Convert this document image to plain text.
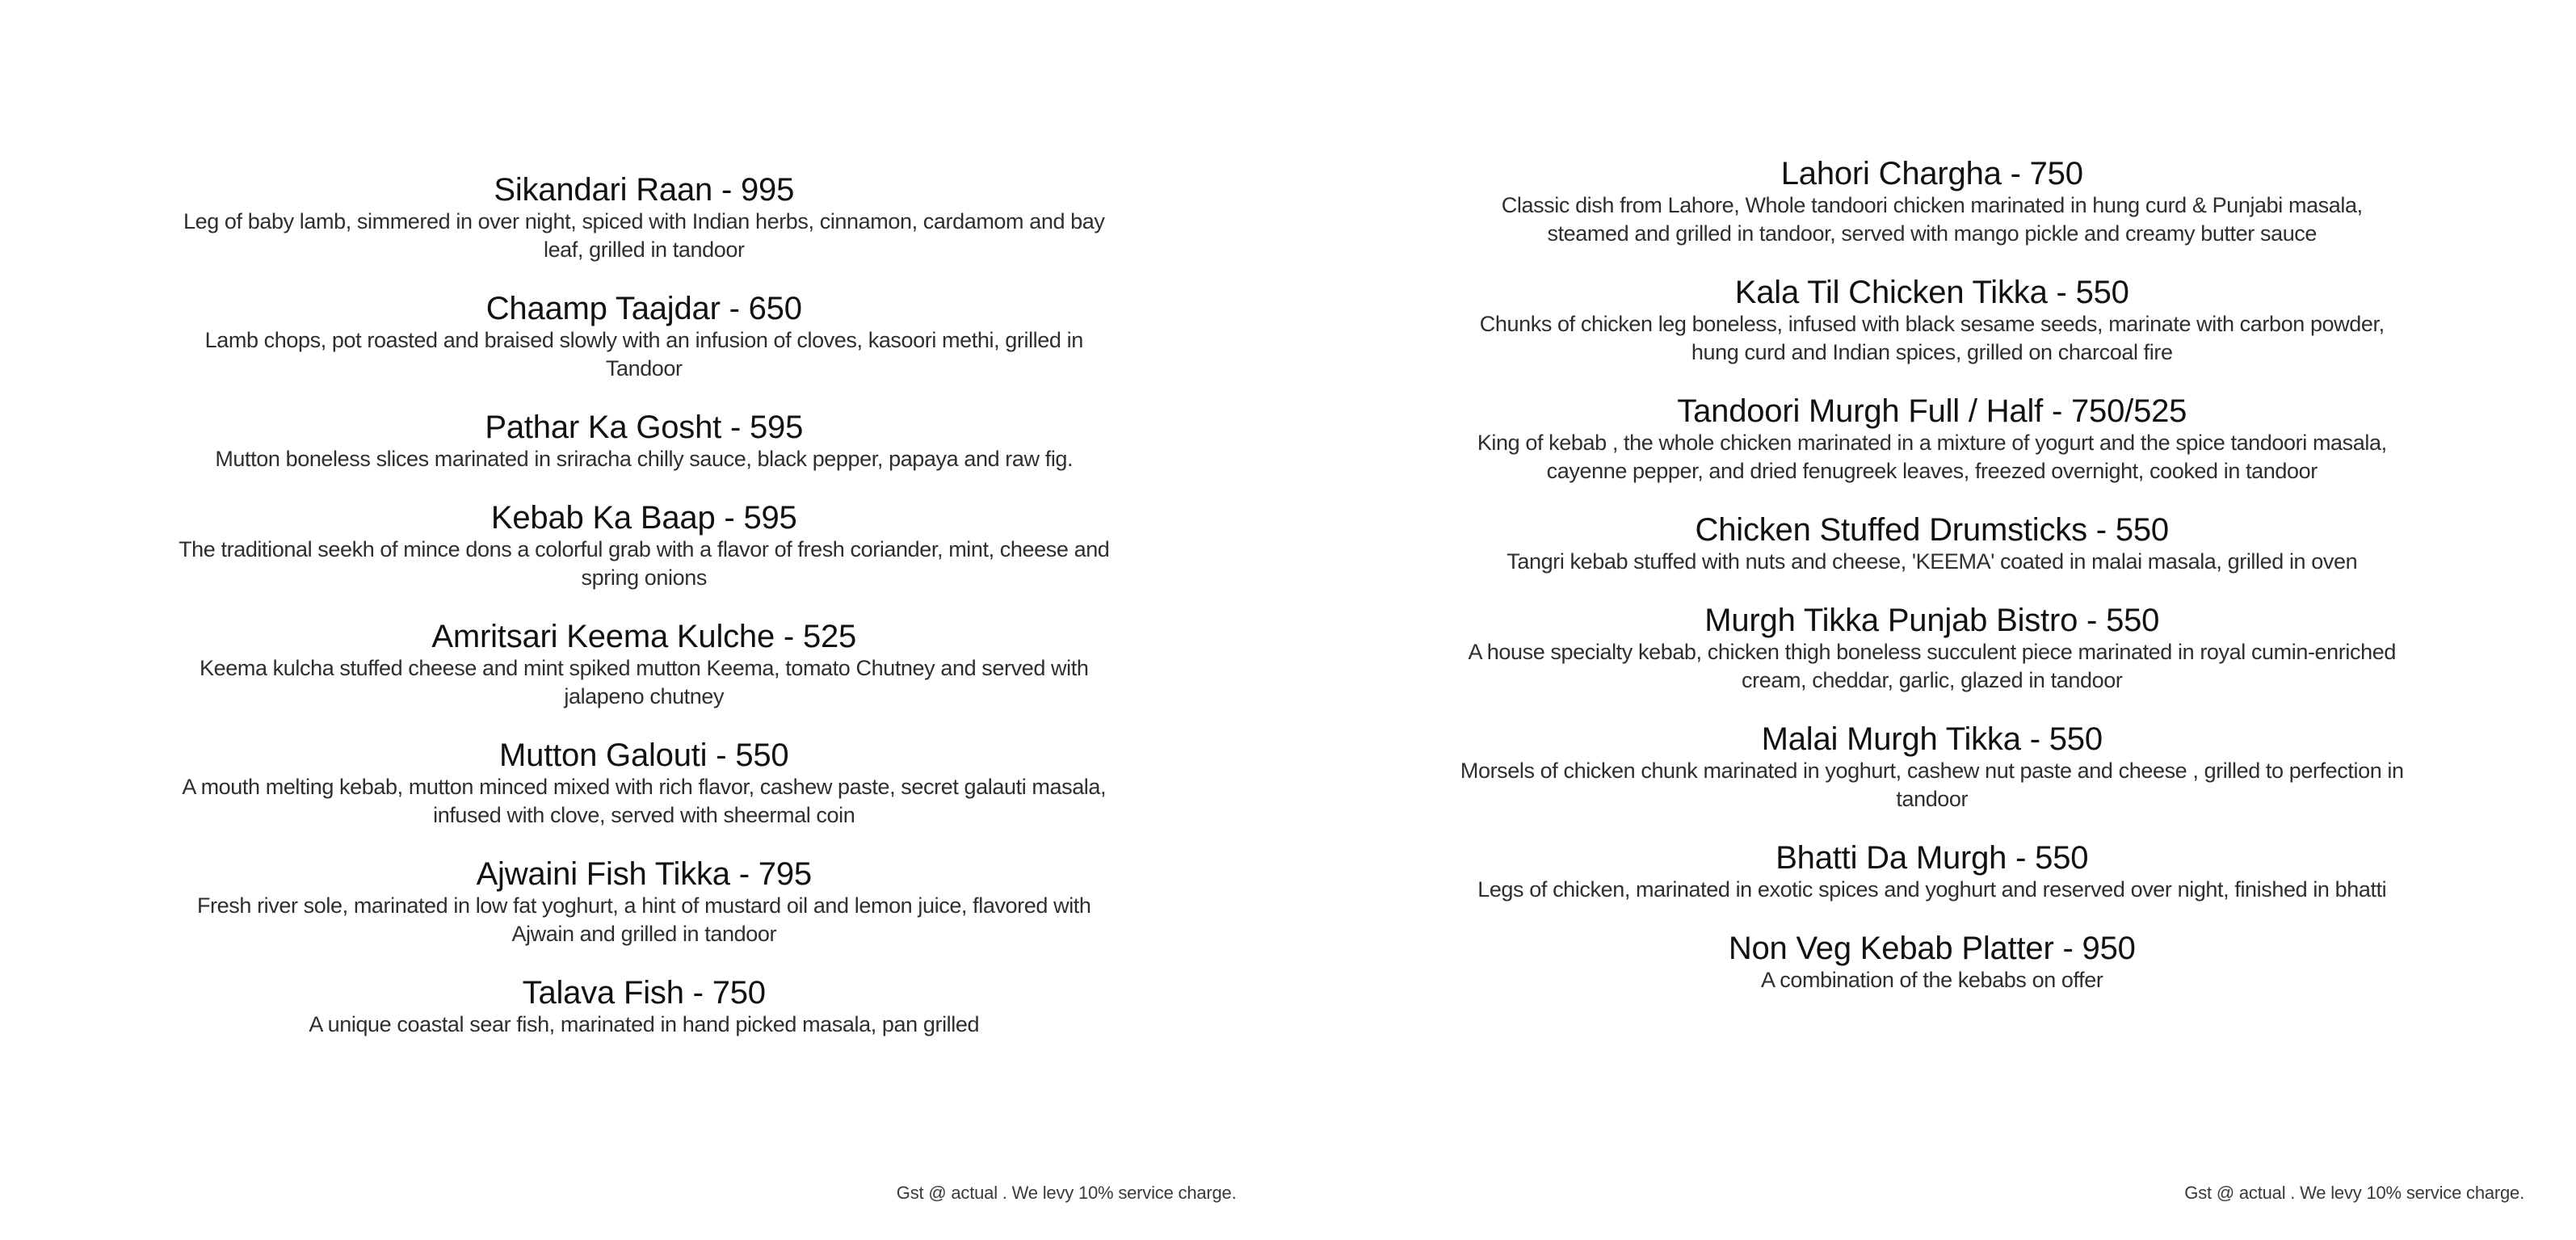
Sikandari Raan - 995

Leg of baby lamb, simmered in over night, spiced with Indian herbs, cinnamon, cardamom and bay leaf, grilled in tandoor

Chaamp Taajdar - 650

Lamb chops, pot roasted and braised slowly with an infusion of cloves, kasoori methi, grilled in Tandoor

Pathar Ka Gosht - 595

Mutton boneless slices marinated in sriracha chilly sauce, black pepper, papaya and raw fig.

Kebab Ka Baap - 595

The traditional seekh of mince dons a colorful grab with a flavor of fresh coriander, mint, cheese and spring onions

Amritsari Keema Kulche - 525

Keema kulcha stuffed cheese and mint spiked mutton Keema, tomato Chutney and served with jalapeno chutney

Mutton Galouti - 550

A mouth melting kebab, mutton minced mixed with rich flavor, cashew paste, secret galauti masala, infused with clove, served with sheermal coin

Ajwaini Fish Tikka - 795

Fresh river sole, marinated in low fat yoghurt, a hint of mustard oil and lemon juice, flavored with Ajwain and grilled in tandoor

Talava Fish - 750

A unique coastal sear fish, marinated in hand picked masala, pan grilled

Gst @ actual . We levy 10% service charge.
Lahori Chargha - 750

Classic dish from Lahore, Whole tandoori chicken marinated in hung curd & Punjabi masala, steamed and grilled in tandoor, served with mango pickle and creamy butter sauce

Kala Til Chicken Tikka - 550

Chunks of chicken leg boneless, infused with black sesame seeds, marinate with carbon powder, hung curd and Indian spices, grilled on charcoal fire

Tandoori Murgh Full / Half - 750/525

King of kebab , the whole chicken marinated in a mixture of yogurt and the spice tandoori masala, cayenne pepper, and dried fenugreek leaves, freezed overnight, cooked in tandoor

Chicken Stuffed Drumsticks - 550

Tangri kebab stuffed with nuts and cheese, 'KEEMA' coated in malai masala, grilled in oven

Murgh Tikka Punjab Bistro - 550

A house specialty kebab, chicken thigh boneless succulent piece marinated in royal cumin-enriched cream, cheddar, garlic, glazed in tandoor

Malai Murgh Tikka - 550

Morsels of chicken chunk marinated in yoghurt, cashew nut paste and cheese , grilled to perfection in tandoor

Bhatti Da Murgh - 550

Legs of chicken, marinated in exotic spices and yoghurt and reserved over night, finished in bhatti

Non Veg Kebab Platter - 950

A combination of the kebabs on offer

Gst @ actual . We levy 10% service charge.
